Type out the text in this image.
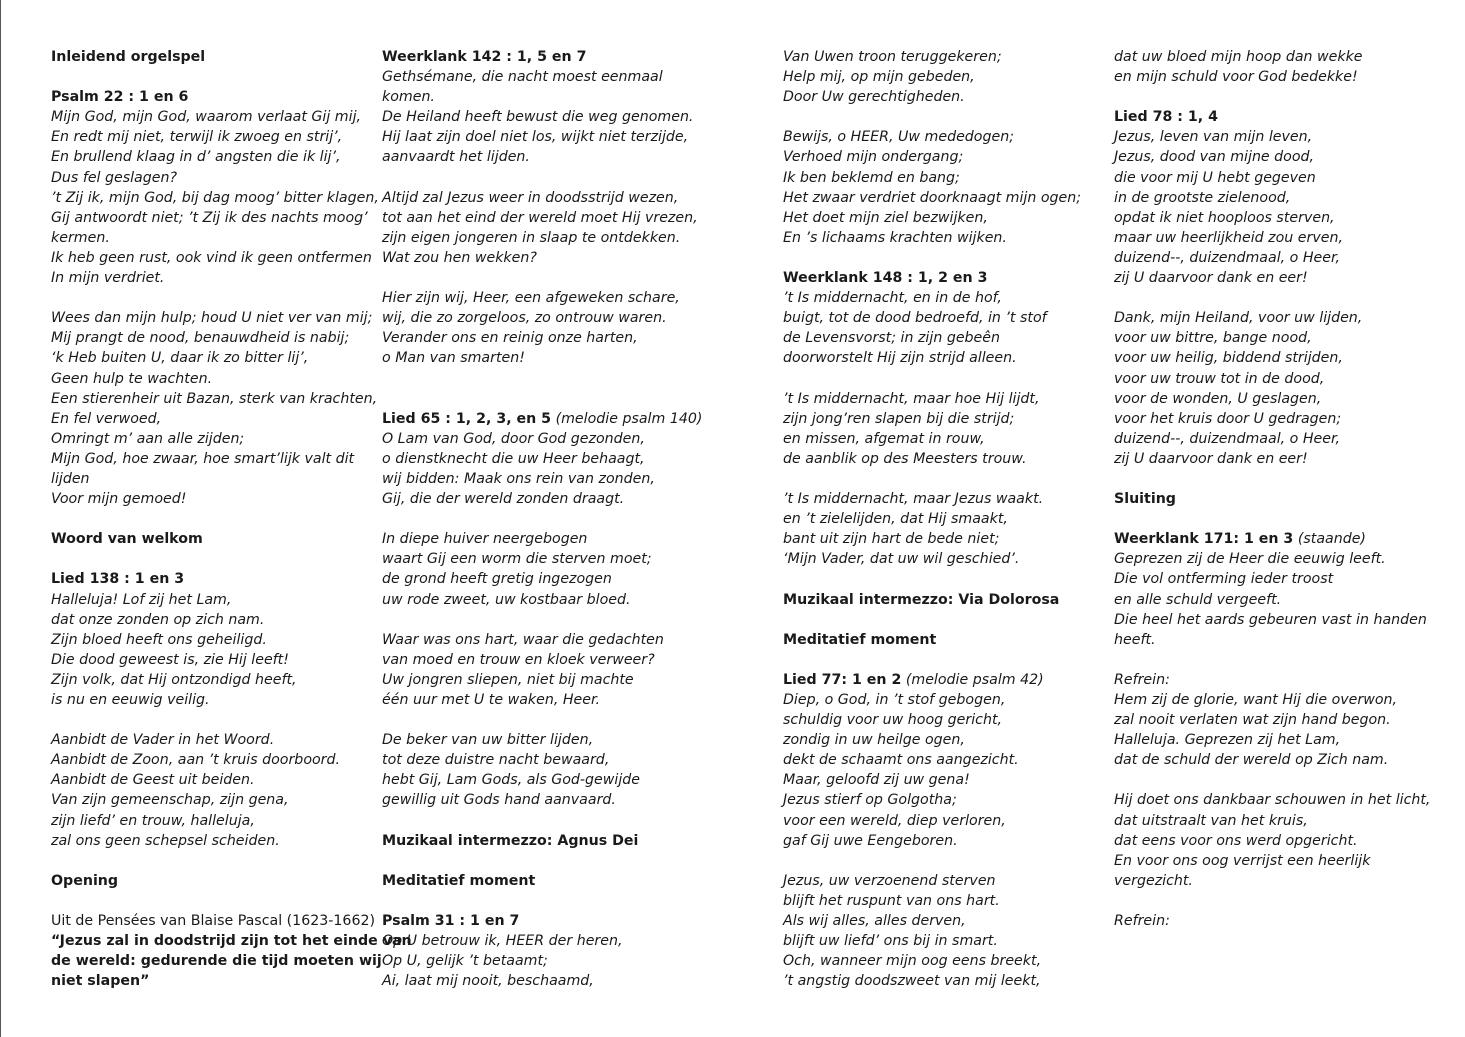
Inleidend orgelspel

Psalm 22 : 1 en 6
Mijn God, mijn God, waarom verlaat Gij mij,
En redt mij niet, terwijl ik zwoeg en strij’,
En brullend klaag in d’ angsten die ik lij’,
Dus fel geslagen?
’t Zij ik, mijn God, bij dag moog’ bitter klagen,
Gij antwoordt niet; ’t Zij ik des nachts moog’
kermen.
Ik heb geen rust, ook vind ik geen ontfermen
In mijn verdriet.

Wees dan mijn hulp; houd U niet ver van mij;
Mij prangt de nood, benauwdheid is nabij;
‘k Heb buiten U, daar ik zo bitter lij’,
Geen hulp te wachten.
Een stierenheir uit Bazan, sterk van krachten,
En fel verwoed,
Omringt m’ aan alle zijden;
Mijn God, hoe zwaar, hoe smart’lijk valt dit
lijden
Voor mijn gemoed!

Woord van welkom

Lied 138 : 1 en 3
Halleluja! Lof zij het Lam,
dat onze zonden op zich nam.
Zijn bloed heeft ons geheiligd.
Die dood geweest is, zie Hij leeft!
Zijn volk, dat Hij ontzondigd heeft,
is nu en eeuwig veilig.

Aanbidt de Vader in het Woord.
Aanbidt de Zoon, aan ’t kruis doorboord.
Aanbidt de Geest uit beiden.
Van zijn gemeenschap, zijn gena,
zijn liefd’ en trouw, halleluja,
zal ons geen schepsel scheiden.

Opening

Uit de Pensées van Blaise Pascal (1623-1662)
“Jezus zal in doodstrijd zijn tot het einde van
de wereld: gedurende die tijd moeten wij
niet slapen”
Weerklank 142 : 1, 5 en 7
Gethsémane, die nacht moest eenmaal
komen.
De Heiland heeft bewust die weg genomen.
Hij laat zijn doel niet los, wijkt niet terzijde,
aanvaardt het lijden.

Altijd zal Jezus weer in doodsstrijd wezen,
tot aan het eind der wereld moet Hij vrezen,
zijn eigen jongeren in slaap te ontdekken.
Wat zou hen wekken?

Hier zijn wij, Heer, een afgeweken schare,
wij, die zo zorgeloos, zo ontrouw waren.
Verander ons en reinig onze harten,
o Man van smarten!

Lied 65 : 1, 2, 3, en 5 (melodie psalm 140)
O Lam van God, door God gezonden,
o dienstknecht die uw Heer behaagt,
wij bidden: Maak ons rein van zonden,
Gij, die der wereld zonden draagt.

In diepe huiver neergebogen
waart Gij een worm die sterven moet;
de grond heeft gretig ingezogen
uw rode zweet, uw kostbaar bloed.

Waar was ons hart, waar die gedachten
van moed en trouw en kloek verweer?
Uw jongren sliepen, niet bij machte
één uur met U te waken, Heer.

De beker van uw bitter lijden,
tot deze duistre nacht bewaard,
hebt Gij, Lam Gods, als God-gewijde
gewillig uit Gods hand aanvaard.

Muzikaal intermezzo: Agnus Dei

Meditatief moment

Psalm 31 : 1 en 7
Op U betrouw ik, HEER der heren,
Op U, gelijk ’t betaamt;
Ai, laat mij nooit, beschaamd,
Van Uwen troon teruggekeren;
Help mij, op mijn gebeden,
Door Uw gerechtigheden.

Bewijs, o HEER, Uw mededogen;
Verhoed mijn ondergang;
Ik ben beklemd en bang;
Het zwaar verdriet doorknaagt mijn ogen;
Het doet mijn ziel bezwijken,
En ’s lichaams krachten wijken.

Weerklank 148 : 1, 2 en 3
’t Is middernacht, en in de hof,
buigt, tot de dood bedroefd, in ’t stof
de Levensvorst; in zijn gebeên
doorworstelt Hij zijn strijd alleen.

’t Is middernacht, maar hoe Hij lijdt,
zijn jong’ren slapen bij die strijd;
en missen, afgemat in rouw,
de aanblik op des Meesters trouw.

’t Is middernacht, maar Jezus waakt.
en ’t zielelijden, dat Hij smaakt,
bant uit zijn hart de bede niet;
‘Mijn Vader, dat uw wil geschied’.

Muzikaal intermezzo: Via Dolorosa

Meditatief moment

Lied 77: 1 en 2 (melodie psalm 42)
Diep, o God, in ’t stof gebogen,
schuldig voor uw hoog gericht,
zondig in uw heilge ogen,
dekt de schaamt ons aangezicht.
Maar, geloofd zij uw gena!
Jezus stierf op Golgotha;
voor een wereld, diep verloren,
gaf Gij uwe Eengeboren.

Jezus, uw verzoenend sterven
blijft het ruspunt van ons hart.
Als wij alles, alles derven,
blijft uw liefd’ ons bij in smart.
Och, wanneer mijn oog eens breekt,
’t angstig doodszweet van mij leekt,
dat uw bloed mijn hoop dan wekke
en mijn schuld voor God bedekke!

Lied 78 : 1, 4
Jezus, leven van mijn leven,
Jezus, dood van mijne dood,
die voor mij U hebt gegeven
in de grootste zielenood,
opdat ik niet hooploos sterven,
maar uw heerlijkheid zou erven,
duizend--, duizendmaal, o Heer,
zij U daarvoor dank en eer!

Dank, mijn Heiland, voor uw lijden,
voor uw bittre, bange nood,
voor uw heilig, biddend strijden,
voor uw trouw tot in de dood,
voor de wonden, U geslagen,
voor het kruis door U gedragen;
duizend--, duizendmaal, o Heer,
zij U daarvoor dank en eer!

Sluiting

Weerklank 171: 1 en 3 (staande)
Geprezen zij de Heer die eeuwig leeft.
Die vol ontferming ieder troost
en alle schuld vergeeft.
Die heel het aards gebeuren vast in handen
heeft.

Refrein:
Hem zij de glorie, want Hij die overwon,
zal nooit verlaten wat zijn hand begon.
Halleluja. Geprezen zij het Lam,
dat de schuld der wereld op Zich nam.

Hij doet ons dankbaar schouwen in het licht,
dat uitstraalt van het kruis,
dat eens voor ons werd opgericht.
En voor ons oog verrijst een heerlijk
vergezicht.

Refrein:
